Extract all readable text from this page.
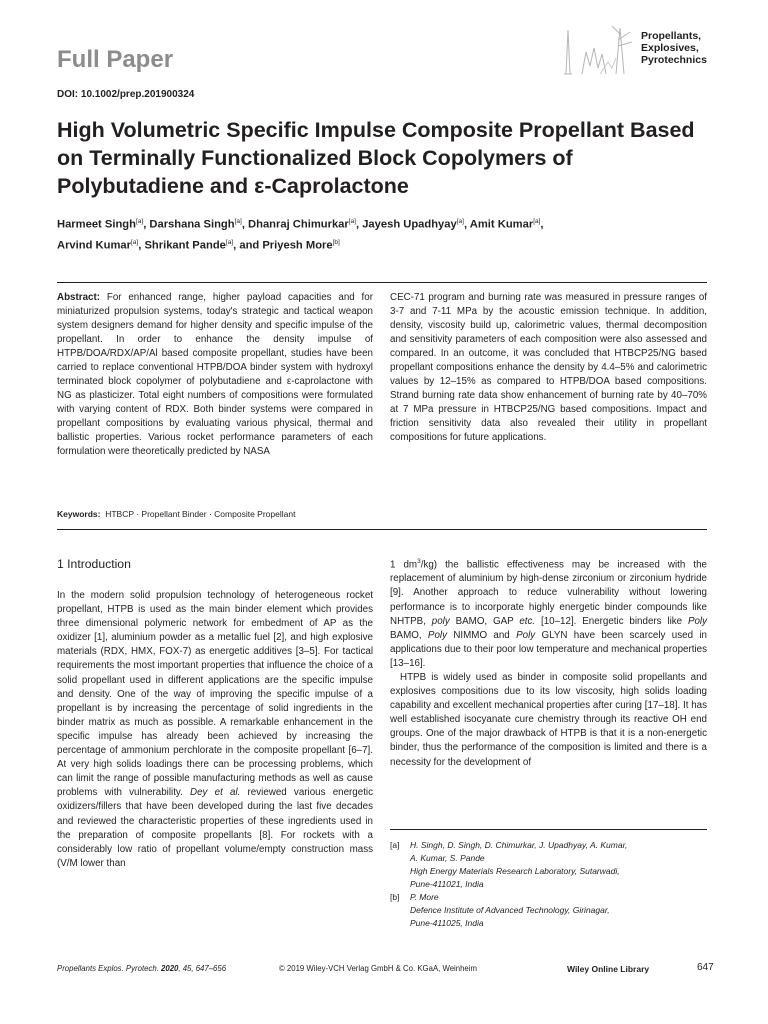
Full Paper
Propellants,
Explosives,
Pyrotechnics
DOI: 10.1002/prep.201900324
High Volumetric Specific Impulse Composite Propellant Based on Terminally Functionalized Block Copolymers of Polybutadiene and ε-Caprolactone
Harmeet Singh[a], Darshana Singh[a], Dhanraj Chimurkar[a], Jayesh Upadhyay[a], Amit Kumar[a],
Arvind Kumar[a], Shrikant Pande[a], and Priyesh More[b]

Abstract: For enhanced range, higher payload capacities and for miniaturized propulsion systems, today's strategic and tactical weapon system designers demand for higher density and specific impulse of the propellant. In order to enhance the density impulse of HTPB/DOA/RDX/AP/Al based composite propellant, studies have been carried to replace conventional HTPB/DOA binder system with hydroxyl terminated block copolymer of polybutadiene and ε-caprolactone with NG as plasticizer. Total eight numbers of compositions were formulated with varying content of RDX. Both binder systems were compared in propellant compositions by evaluating various physical, thermal and ballistic properties. Various rocket performance parameters of each formulation were theoretically predicted by NASA

CEC-71 program and burning rate was measured in pressure ranges of 3-7 and 7-11 MPa by the acoustic emission technique. In addition, density, viscosity build up, calorimetric values, thermal decomposition and sensitivity parameters of each composition were also assessed and compared. In an outcome, it was concluded that HTBCP25/NG based propellant compositions enhance the density by 4.4–5% and calorimetric values by 12–15% as compared to HTPB/DOA based compositions. Strand burning rate data show enhancement of burning rate by 40–70% at 7 MPa pressure in HTBCP25/NG based compositions. Impact and friction sensitivity data also revealed their utility in propellant compositions for future applications.

Keywords: HTBCP · Propellant Binder · Composite Propellant
1 Introduction

In the modern solid propulsion technology of heterogeneous rocket propellant, HTPB is used as the main binder element which provides three dimensional polymeric network for embedment of AP as the oxidizer [1], aluminium powder as a metallic fuel [2], and high explosive materials (RDX, HMX, FOX-7) as energetic additives [3–5]. For tactical requirements the most important properties that influence the choice of a solid propellant used in different applications are the specific impulse and density. One of the way of improving the specific impulse of a propellant is by increasing the percentage of solid ingredients in the binder matrix as much as possible. A remarkable enhancement in the specific impulse has already been achieved by increasing the percentage of ammonium perchlorate in the composite propellant [6–7]. At very high solids loadings there can be processing problems, which can limit the range of possible manufacturing methods as well as cause problems with vulnerability. Dey et al. reviewed various energetic oxidizers/fillers that have been developed during the last five decades and reviewed the characteristic properties of these ingredients used in the preparation of composite propellants [8]. For rockets with a considerably low ratio of propellant volume/empty construction mass (V/M lower than

1 $dm^3/kg$) the ballistic effectiveness may be increased with the replacement of aluminium by high-dense zirconium or zirconium hydride [9]. Another approach to reduce vulnerability without lowering performance is to incorporate highly energetic binder compounds like NHTPB, poly BAMO, GAP etc. [10–12]. Energetic binders like Poly BAMO, Poly NIMMO and Poly GLYN have been scarcely used in applications due to their poor low temperature and mechanical properties [13–16].

HTPB is widely used as binder in composite solid propellants and explosives compositions due to its low viscosity, high solids loading capability and excellent mechanical properties after curing [17–18]. It has well established isocyanate cure chemistry through its reactive OH end groups. One of the major drawback of HTPB is that it is a non-energetic binder, thus the performance of the composition is limited and there is a necessity for the development of

[a]	H. Singh, D. Singh, D. Chimurkar, J. Upadhyay, A. Kumar,
A. Kumar, S. Pande
High Energy Materials Research Laboratory, Sutarwadi,
Pune-411021, India
[b]	P. More
Defence Institute of Advanced Technology, Girinagar,
Pune-411025, India
Propellants Explos. Pyrotech. 2020, 45, 647–656	© 2019 Wiley-VCH Verlag GmbH & Co. KGaA, Weinheim	Wiley Online Library	647
